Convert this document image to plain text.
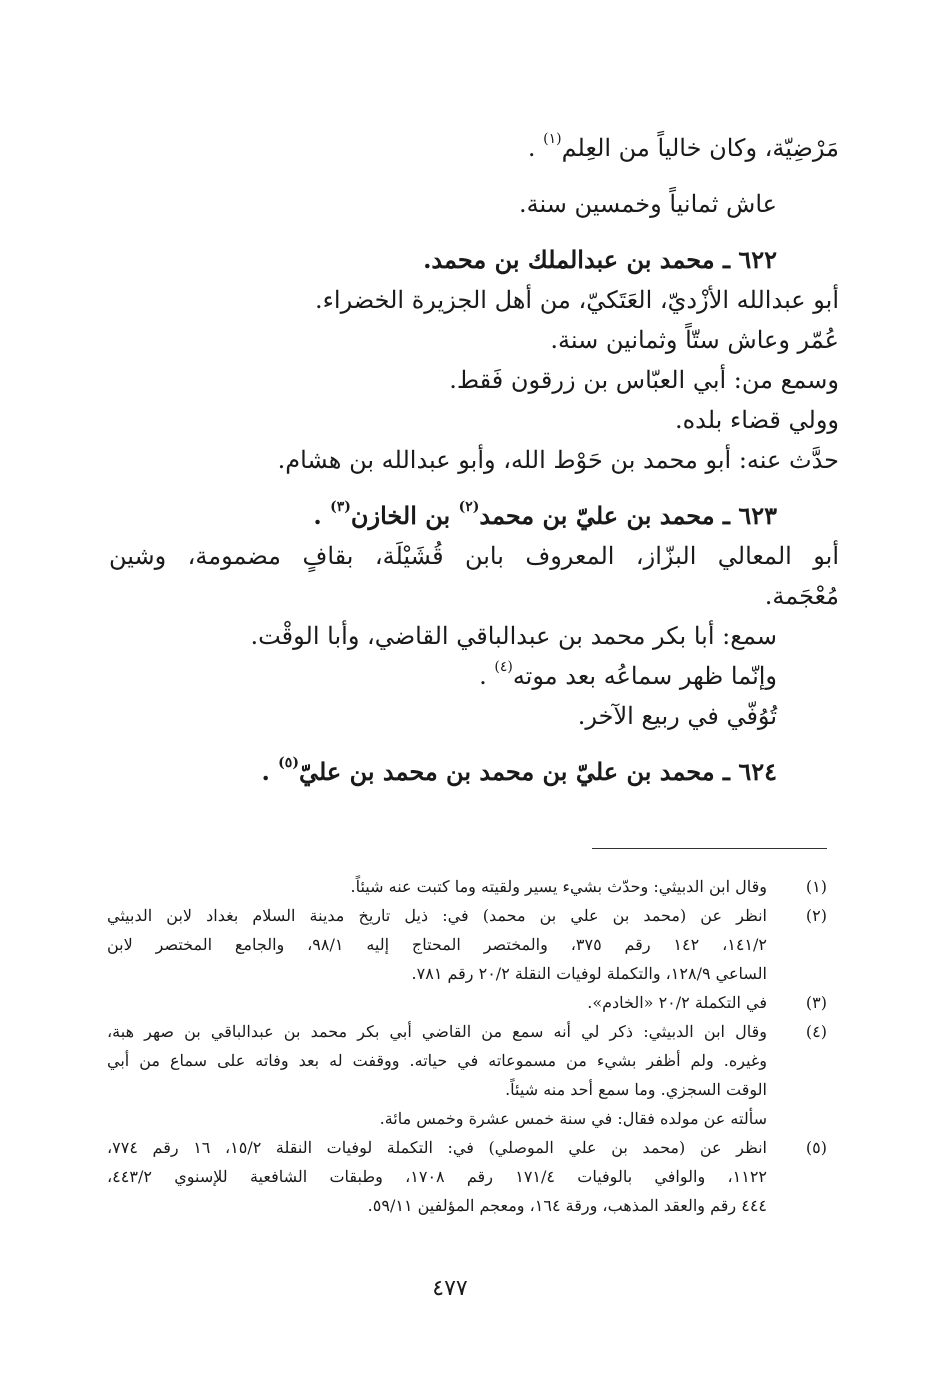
مَرْضِيّة، وكان خالياً من العِلم$^{(١)}$ .

عاش ثمانياً وخمسين سنة.

٦٢٢ ـ محمد بن عبدالملك بن محمد.

أبو عبدالله الأزْديّ، العَتَكيّ، من أهل الجزيرة الخضراء.

عُمّر وعاش ستّاً وثمانين سنة.

وسمع من: أبي العبّاس بن زرقون فَقط.

وولي قضاء بلده.

حدَّث عنه: أبو محمد بن حَوْط الله، وأبو عبدالله بن هشام.

٦٢٣ ـ محمد بن عليّ بن محمد$^{(٢)}$ بن الخازن$^{(٣)}$ .

أبو المعالي البزّاز، المعروف بابن قُشَيْلَة، بقافٍ مضمومة، وشين

مُعْجَمة.

سمع: أبا بكر محمد بن عبدالباقي القاضي، وأبا الوقْت.

وإنّما ظهر سماعُه بعد موته$^{(٤)}$ .

تُوُفّي في ربيع الآخر.

٦٢٤ ـ محمد بن عليّ بن محمد بن محمد بن عليّ$^{(٥)}$ .

(١)

وقال ابن الدبيثي: وحدّث بشيء يسير ولقيته وما كتبت عنه شيئاً.

(٢)

انظر عن (محمد بن علي بن محمد) في: ذيل تاريخ مدينة السلام بغداد لابن الدبيثي

١٤١/٢، ١٤٢ رقم ٣٧٥، والمختصر المحتاج إليه ٩٨/١، والجامع المختصر لابن

الساعي ١٢٨/٩، والتكملة لوفيات النقلة ٢٠/٢ رقم ٧٨١.

(٣)

في التكملة ٢٠/٢ «الخادم».

(٤)

وقال ابن الدبيثي: ذكر لي أنه سمع من القاضي أبي بكر محمد بن عبدالباقي بن صهر هبة،

وغيره. ولم أظفر بشيء من مسموعاته في حياته. ووقفت له بعد وفاته على سماع من أبي

الوقت السجزي. وما سمع أحد منه شيئاً.

سألته عن مولده فقال: في سنة خمس عشرة وخمس مائة.

(٥)

انظر عن (محمد بن علي الموصلي) في: التكملة لوفيات النقلة ١٥/٢، ١٦ رقم ٧٧٤،

١١٢٢، والوافي بالوفيات ١٧١/٤ رقم ١٧٠٨، وطبقات الشافعية للإسنوي ٤٤٣/٢،

٤٤٤ رقم والعقد المذهب، ورقة ١٦٤، ومعجم المؤلفين ٥٩/١١.

٤٧٧
